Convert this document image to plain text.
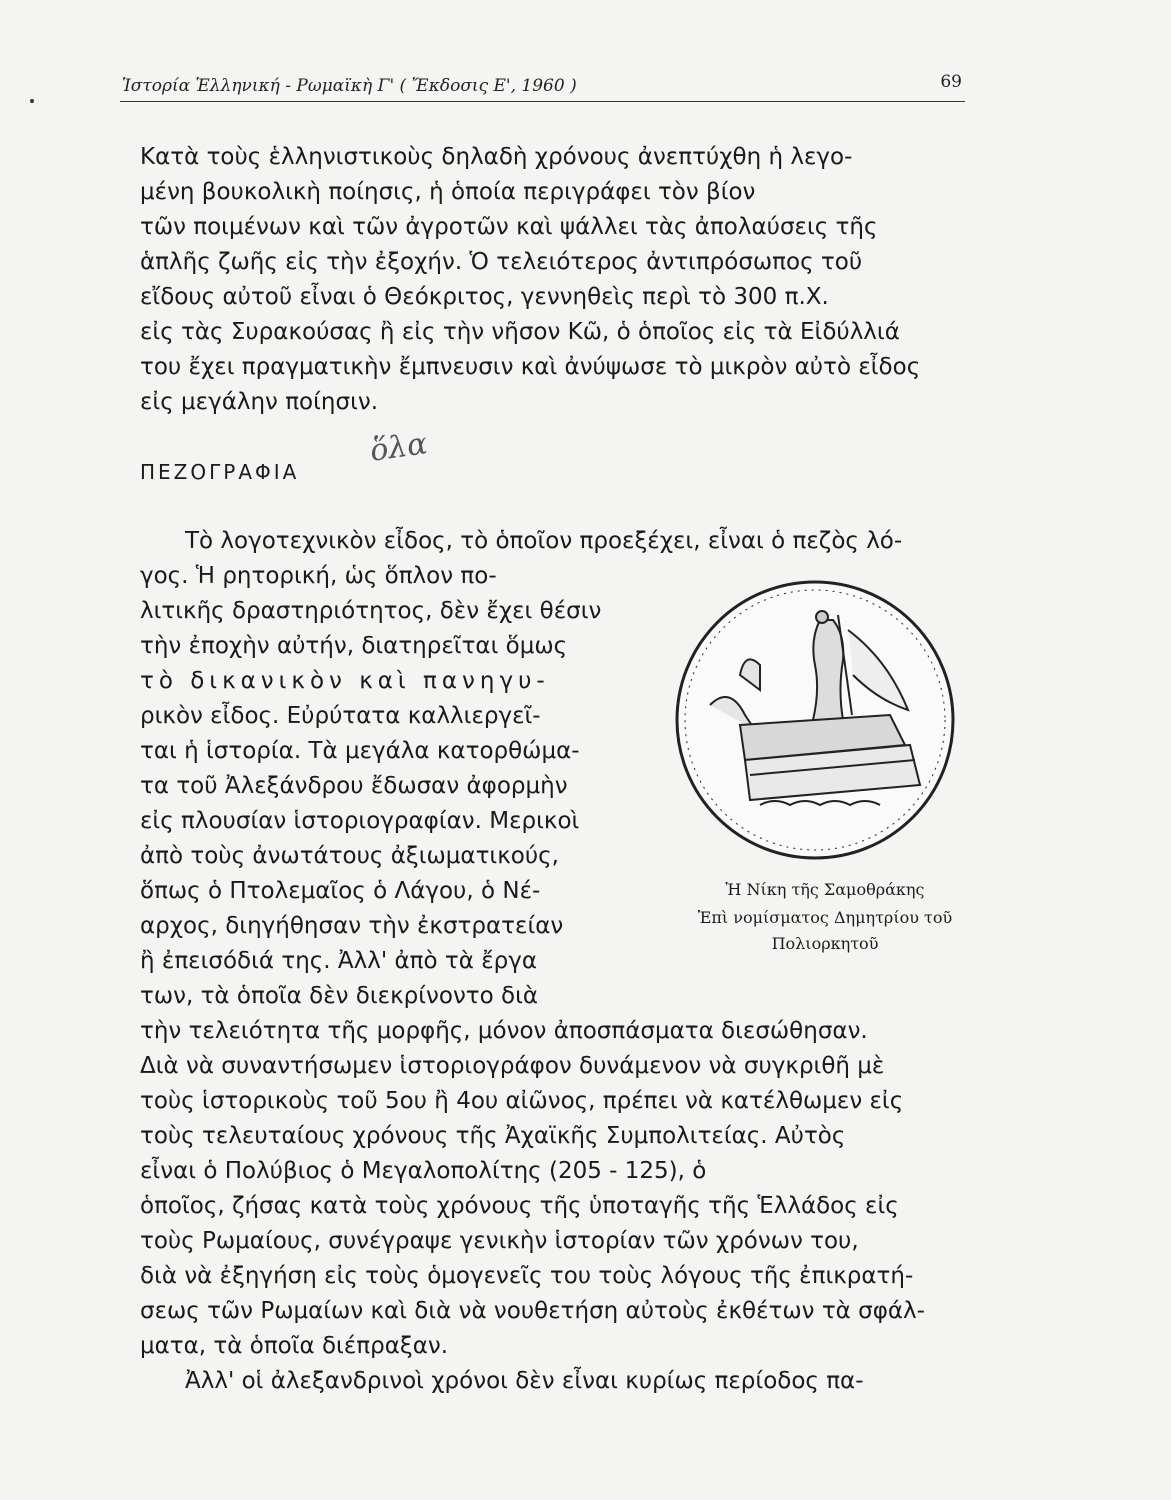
Ἱστορία Ἑλληνική - Ρωμαϊκὴ Γ' ( Ἔκδοσις Ε', 1960 )	69
Κατὰ τοὺς ἑλληνιστικοὺς δηλαδὴ χρόνους ἀνεπτύχθη ἡ λεγο-
μένη βουκολικὴ ποίησις, ἡ ὁποία περιγράφει τὸν βίον
τῶν ποιμένων καὶ τῶν ἀγροτῶν καὶ ψάλλει τὰς ἀπολαύσεις τῆς
ἁπλῆς ζωῆς εἰς τὴν ἐξοχήν. Ὁ τελειότερος ἀντιπρόσωπος τοῦ
εἴδους αὐτοῦ εἶναι ὁ Θεόκριτος, γεννηθεὶς περὶ τὸ 300 π.Χ.
εἰς τὰς Συρακούσας ἢ εἰς τὴν νῆσον Κῶ, ὁ ὁποῖος εἰς τὰ Εἰδύλλιά
του ἔχει πραγματικὴν ἔμπνευσιν καὶ ἀνύψωσε τὸ μικρὸν αὐτὸ εἶδος
εἰς μεγάλην ποίησιν.
ΠΕΖΟΓΡΑΦΙΑ
ὅλα
Τὸ λογοτεχνικὸν εἶδος, τὸ ὁποῖον προεξέχει, εἶναι ὁ πεζὸς λό-
γος. Ἡ ρητορική, ὡς ὅπλον πο-
λιτικῆς δραστηριότητος, δὲν ἔχει θέσιν
τὴν ἐποχὴν αὐτήν, διατηρεῖται ὅμως
τὸ δικανικὸν καὶ πανηγυ-
ρικὸν εἶδος. Εὐρύτατα καλλιεργεῖ-
ται ἡ ἱστορία. Τὰ μεγάλα κατορθώμα-
τα τοῦ Ἀλεξάνδρου ἔδωσαν ἀφορμὴν
εἰς πλουσίαν ἱστοριογραφίαν. Μερικοὶ
ἀπὸ τοὺς ἀνωτάτους ἀξιωματικούς,
ὅπως ὁ Πτολεμαῖος ὁ Λάγου, ὁ Νέ-
αρχος, διηγήθησαν τὴν ἐκστρατείαν
ἢ ἐπεισόδιά της. Ἀλλ' ἀπὸ τὰ ἔργα
των, τὰ ὁποῖα δὲν διεκρίνοντο διὰ
τὴν τελειότητα τῆς μορφῆς, μόνον ἀποσπάσματα διεσώθησαν.
Διὰ νὰ συναντήσωμεν ἱστοριογράφον δυνάμενον νὰ συγκριθῆ μὲ
τοὺς ἱστορικοὺς τοῦ 5ου ἢ 4ου αἰῶνος, πρέπει νὰ κατέλθωμεν εἰς
τοὺς τελευταίους χρόνους τῆς Ἀχαϊκῆς Συμπολιτείας. Αὐτὸς
εἶναι ὁ Πολύβιος ὁ Μεγαλοπολίτης (205 - 125), ὁ
ὁποῖος, ζήσας κατὰ τοὺς χρόνους τῆς ὑποταγῆς τῆς Ἑλλάδος εἰς
τοὺς Ρωμαίους, συνέγραψε γενικὴν ἱστορίαν τῶν χρόνων του,
διὰ νὰ ἐξηγήση εἰς τοὺς ὁμογενεῖς του τοὺς λόγους τῆς ἐπικρατή-
σεως τῶν Ρωμαίων καὶ διὰ νὰ νουθετήση αὐτοὺς ἐκθέτων τὰ σφάλ-
ματα, τὰ ὁποῖα διέπραξαν.
Ἀλλ' οἱ ἀλεξανδρινοὶ χρόνοι δὲν εἶναι κυρίως περίοδος πα-
Ἡ Νίκη τῆς Σαμοθράκης
Ἐπὶ νομίσματος Δημητρίου τοῦ
Πολιορκητοῦ
